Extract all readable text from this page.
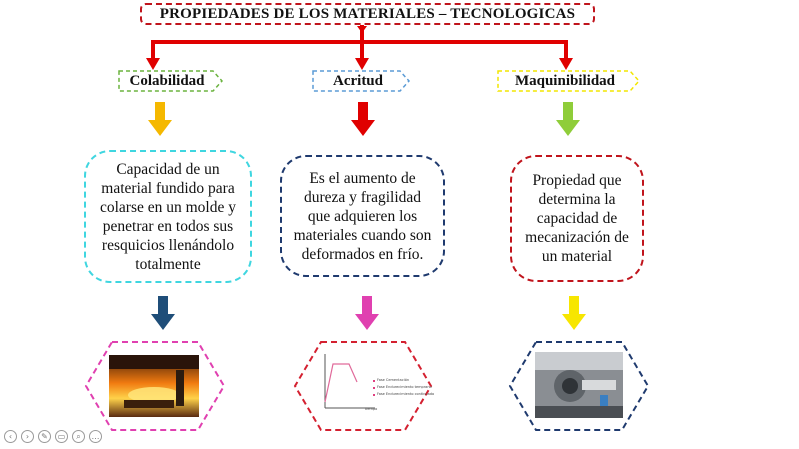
PROPIEDADES DE LOS MATERIALES – TECNOLOGICAS
Colabilidad
Capacidad de un material fundido para colarse en un molde y penetrar en todos sus resquicios llenándolo totalmente
Acritud
Es el aumento de dureza y fragilidad que adquieren los materiales cuando son deformados en frío.
Fase Cementación
Fase Endurecimiento temprano
Fase Endurecimiento continuado
tiempo
Maquinibilidad
Propiedad que determina la capacidad de mecanización de un material
‹	›	✎	▭	⌕	…
